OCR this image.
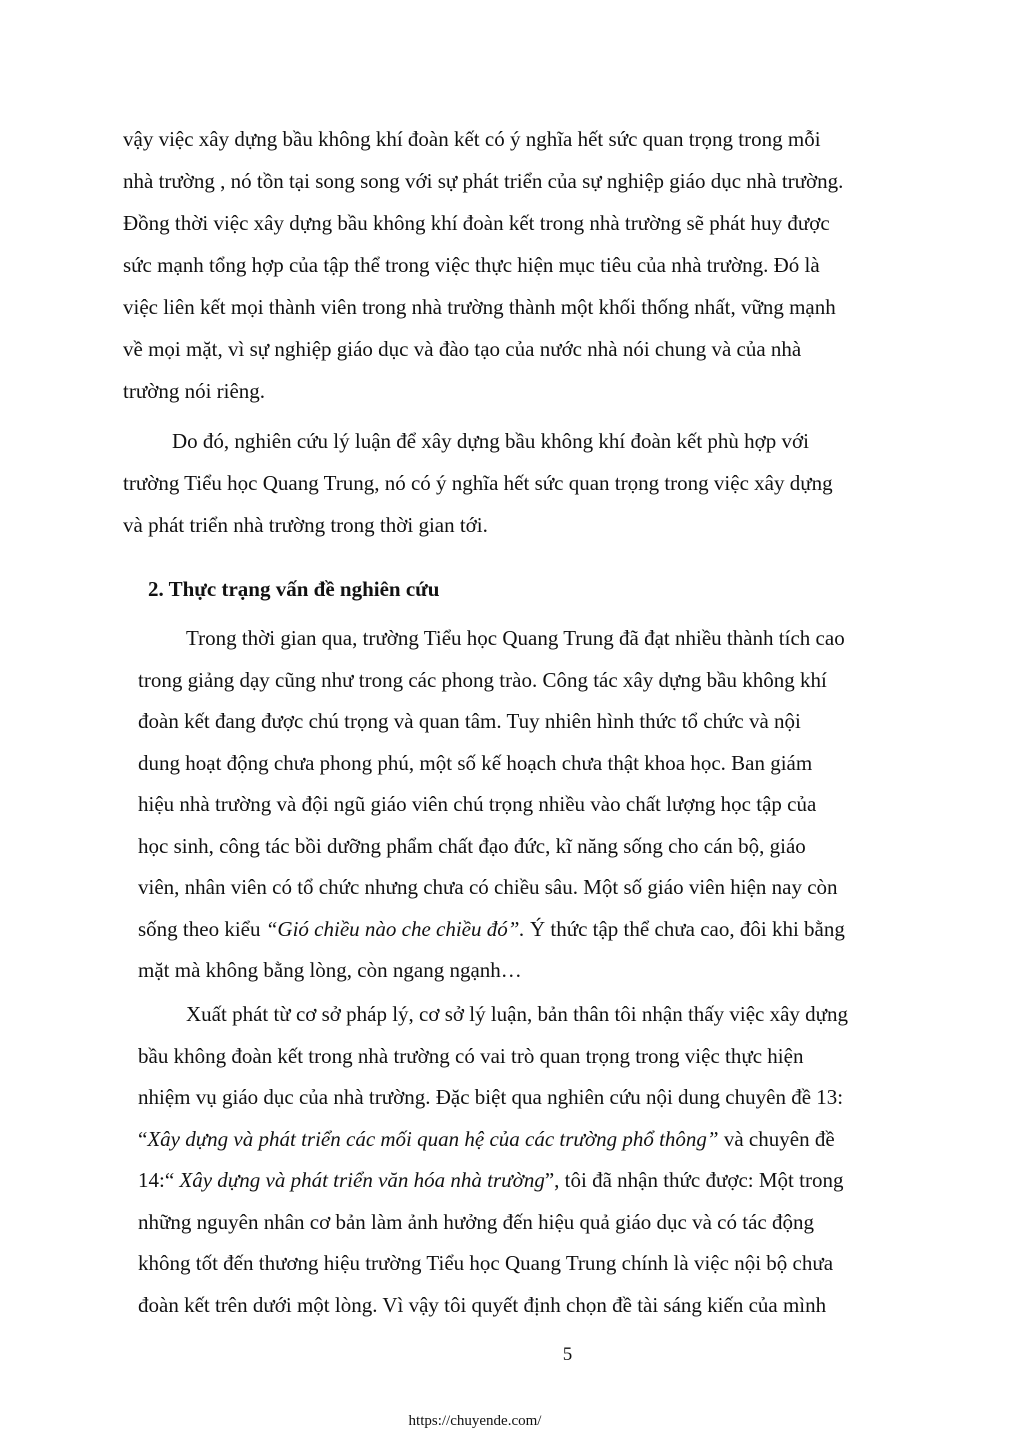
vậy việc xây dựng bầu không khí đoàn kết có ý nghĩa hết sức quan trọng trong mỗi

nhà trường , nó tồn tại song song với sự phát triển của sự nghiệp giáo dục nhà trường.

Đồng thời việc xây dựng bầu không khí đoàn kết trong nhà trường sẽ phát huy được

sức mạnh tổng hợp của tập thể trong việc thực hiện mục tiêu của nhà trường. Đó là

việc liên kết mọi thành viên trong nhà trường thành một khối thống nhất, vững mạnh

về mọi mặt, vì sự nghiệp giáo dục và đào tạo của nước nhà nói chung và của nhà

trường nói riêng.

Do đó, nghiên cứu lý luận để xây dựng bầu không khí đoàn kết phù hợp với

trường Tiểu học Quang Trung, nó có ý nghĩa hết sức quan trọng trong việc xây dựng

và phát triển nhà trường trong thời gian tới.

2. Thực trạng vấn đề nghiên cứu

Trong thời gian qua, trường Tiểu học Quang Trung đã đạt nhiều thành tích cao

trong giảng dạy cũng như trong các phong trào. Công tác xây dựng bầu không khí

đoàn kết đang được chú trọng và quan tâm. Tuy nhiên hình thức tổ chức và nội

dung hoạt động chưa phong phú, một số kế hoạch chưa thật khoa học. Ban giám

hiệu nhà trường và đội ngũ giáo viên chú trọng nhiều vào chất lượng học tập của

học sinh, công tác bồi dưỡng phẩm chất đạo đức, kĩ năng sống cho cán bộ, giáo

viên, nhân viên có tổ chức nhưng chưa có chiều sâu. Một số giáo viên hiện nay còn

sống theo kiểu “Gió chiều nào che chiều đó”. Ý thức tập thể chưa cao, đôi khi bằng

mặt mà không bằng lòng, còn ngang ngạnh…

Xuất phát từ cơ sở pháp lý, cơ sở lý luận, bản thân tôi nhận thấy việc xây dựng

bầu không đoàn kết trong nhà trường có vai trò quan trọng trong việc thực hiện

nhiệm vụ giáo dục của nhà trường. Đặc biệt qua nghiên cứu nội dung chuyên đề 13:

“Xây dựng và phát triển các mối quan hệ của các trường phổ thông” và chuyên đề

14:“ Xây dựng và phát triển văn hóa nhà trường”, tôi đã nhận thức được: Một trong

những nguyên nhân cơ bản làm ảnh hưởng đến hiệu quả giáo dục và có tác động

không tốt đến thương hiệu trường Tiểu học Quang Trung chính là việc nội bộ chưa

đoàn kết trên dưới một lòng. Vì vậy tôi quyết định chọn đề tài sáng kiến của mình

5

https://chuyende.com/
